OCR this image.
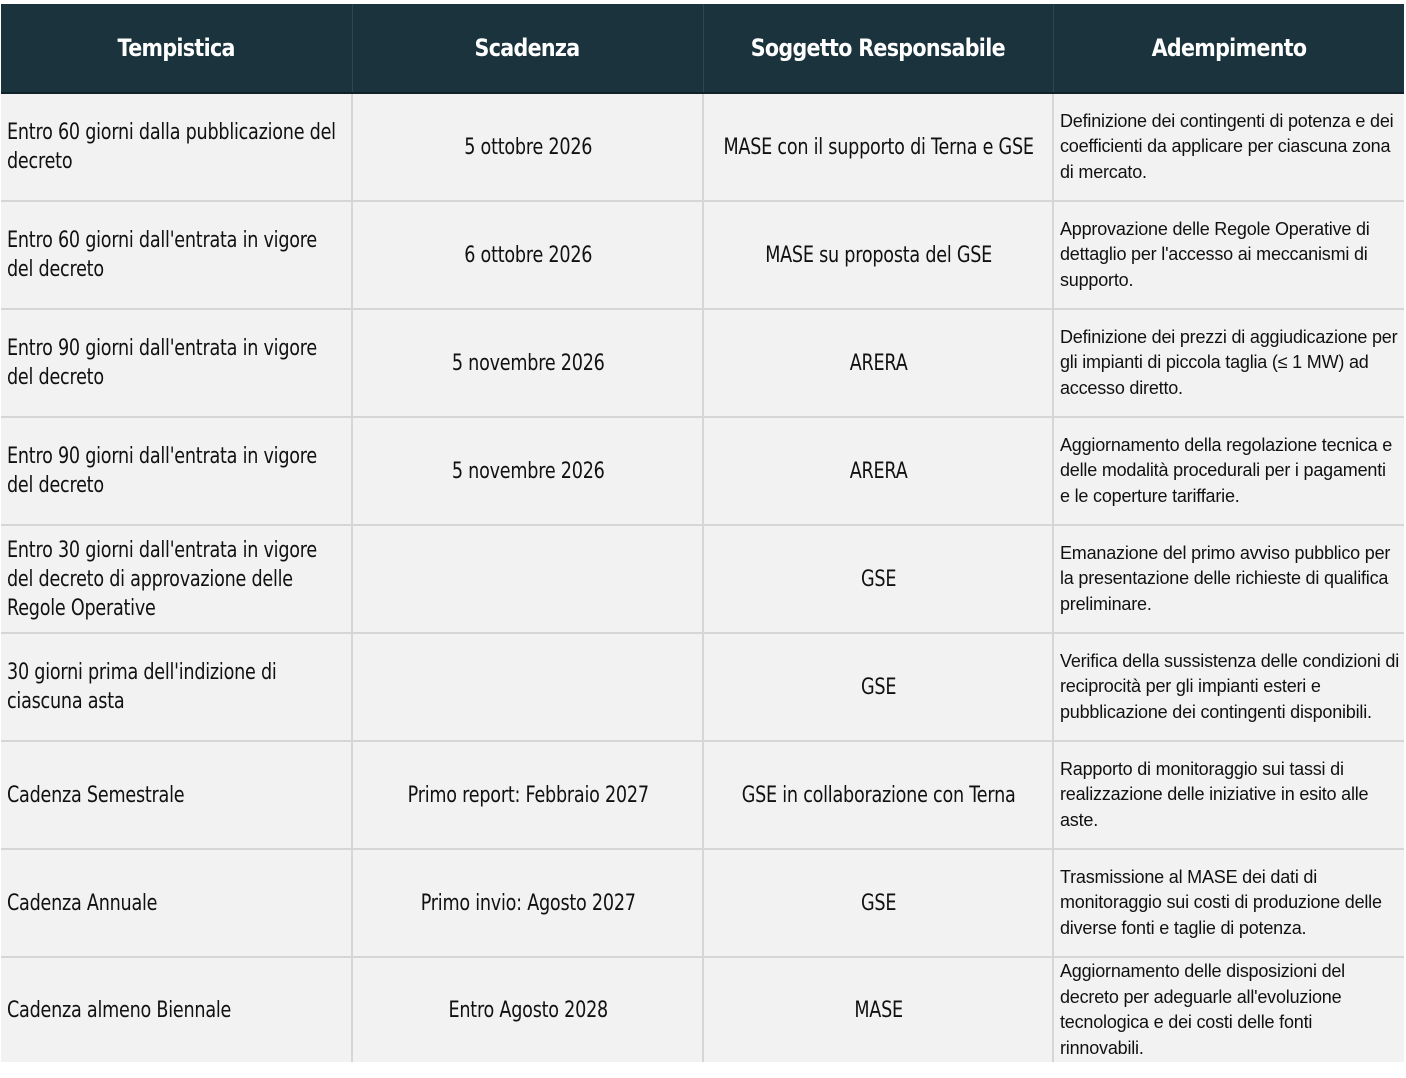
Tempistica	Scadenza	Soggetto Responsabile	Adempimento
Entro 60 giorni dalla pubblicazione del decreto	5 ottobre 2026	MASE con il supporto di Terna e GSE	Definizione dei contingenti di potenza e dei coefficienti da applicare per ciascuna zona di mercato.

Entro 60 giorni dall'entrata in vigore del decreto	6 ottobre 2026	MASE su proposta del GSE	Approvazione delle Regole Operative di dettaglio per l'accesso ai meccanismi di supporto.

Entro 90 giorni dall'entrata in vigore del decreto	5 novembre 2026	ARERA	Definizione dei prezzi di aggiudicazione per gli impianti di piccola taglia (≤ 1 MW) ad accesso diretto.

Entro 90 giorni dall'entrata in vigore del decreto	5 novembre 2026	ARERA	Aggiornamento della regolazione tecnica e delle modalità procedurali per i pagamenti e le coperture tariffarie.

Entro 30 giorni dall'entrata in vigore del decreto di approvazione delle Regole Operative		GSE	Emanazione del primo avviso pubblico per la presentazione delle richieste di qualifica preliminare.

30 giorni prima dell'indizione di ciascuna asta		GSE	Verifica della sussistenza delle condizioni di reciprocità per gli impianti esteri e pubblicazione dei contingenti disponibili.

Cadenza Semestrale	Primo report: Febbraio 2027	GSE in collaborazione con Terna	Rapporto di monitoraggio sui tassi di realizzazione delle iniziative in esito alle aste.

Cadenza Annuale	Primo invio: Agosto 2027	GSE	Trasmissione al MASE dei dati di monitoraggio sui costi di produzione delle diverse fonti e taglie di potenza.

Cadenza almeno Biennale	Entro Agosto 2028	MASE	Aggiornamento delle disposizioni del decreto per adeguarle all'evoluzione tecnologica e dei costi delle fonti rinnovabili.
